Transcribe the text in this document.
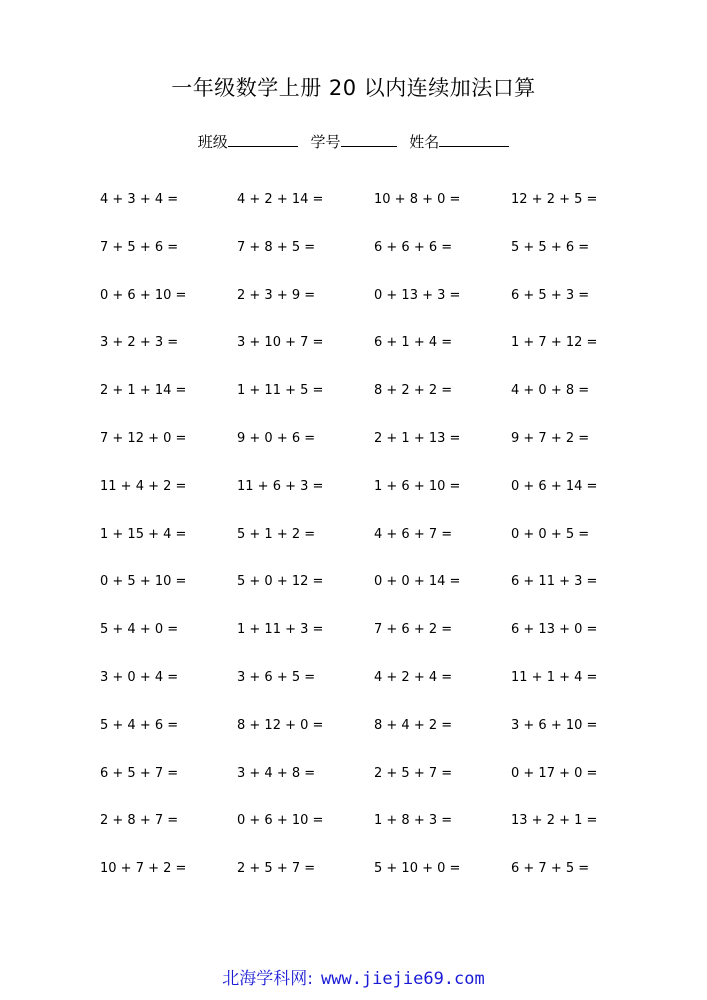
一年级数学上册 20 以内连续加法口算
班级	学号	姓名
4 + 3 + 4 =	4 + 2 + 14 =	10 + 8 + 0 =	12 + 2 + 5 =
7 + 5 + 6 =	7 + 8 + 5 =	6 + 6 + 6 =	5 + 5 + 6 =
0 + 6 + 10 =	2 + 3 + 9 =	0 + 13 + 3 =	6 + 5 + 3 =
3 + 2 + 3 =	3 + 10 + 7 =	6 + 1 + 4 =	1 + 7 + 12 =
2 + 1 + 14 =	1 + 11 + 5 =	8 + 2 + 2 =	4 + 0 + 8 =
7 + 12 + 0 =	9 + 0 + 6 =	2 + 1 + 13 =	9 + 7 + 2 =
11 + 4 + 2 =	11 + 6 + 3 =	1 + 6 + 10 =	0 + 6 + 14 =
1 + 15 + 4 =	5 + 1 + 2 =	4 + 6 + 7 =	0 + 0 + 5 =
0 + 5 + 10 =	5 + 0 + 12 =	0 + 0 + 14 =	6 + 11 + 3 =
5 + 4 + 0 =	1 + 11 + 3 =	7 + 6 + 2 =	6 + 13 + 0 =
3 + 0 + 4 =	3 + 6 + 5 =	4 + 2 + 4 =	11 + 1 + 4 =
5 + 4 + 6 =	8 + 12 + 0 =	8 + 4 + 2 =	3 + 6 + 10 =
6 + 5 + 7 =	3 + 4 + 8 =	2 + 5 + 7 =	0 + 17 + 0 =
2 + 8 + 7 =	0 + 6 + 10 =	1 + 8 + 3 =	13 + 2 + 1 =
10 + 7 + 2 =	2 + 5 + 7 =	5 + 10 + 0 =	6 + 7 + 5 =
北海学科网: www.jiejie69.com
